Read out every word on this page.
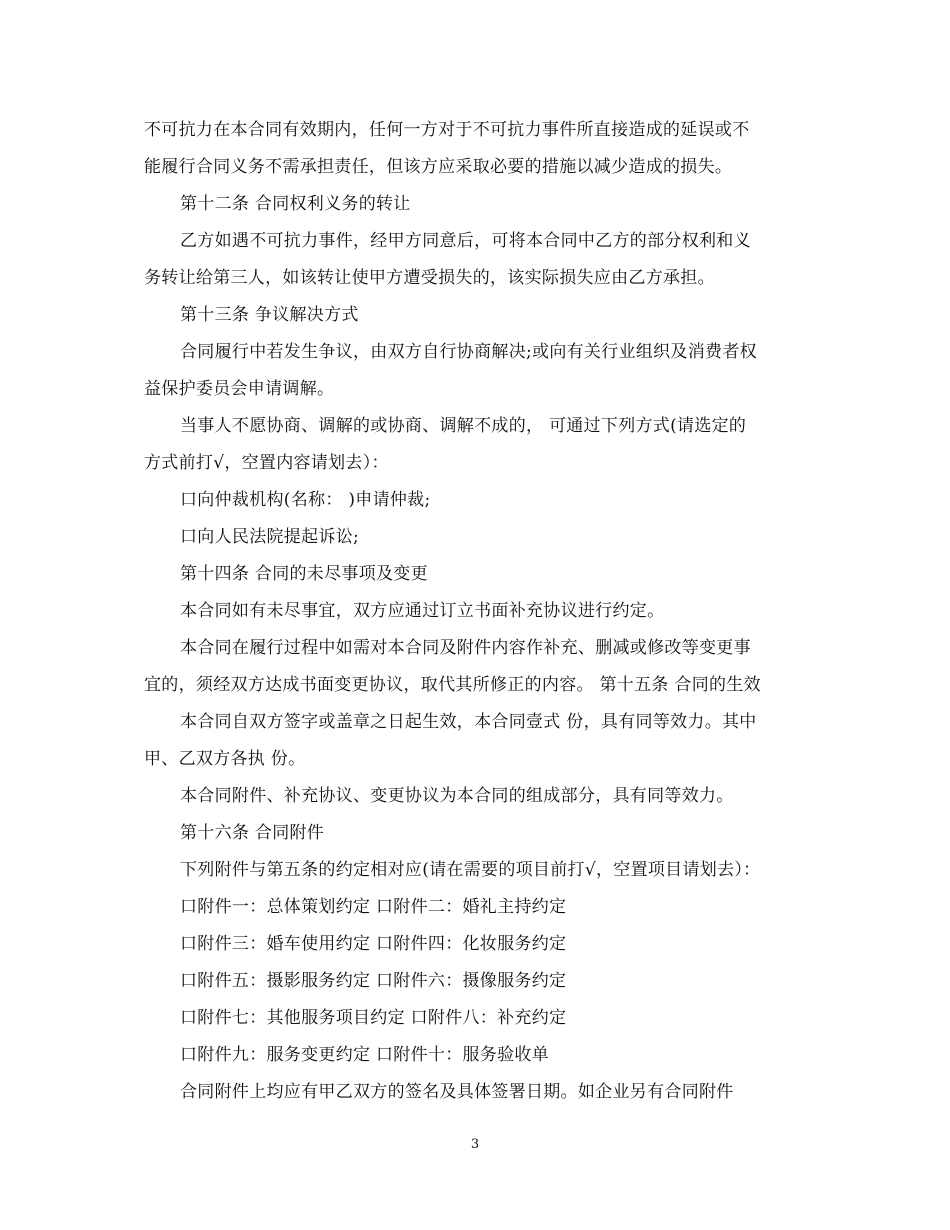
不可抗力在本合同有效期内，任何一方对于不可抗力事件所直接造成的延误或不
能履行合同义务不需承担责任，但该方应采取必要的措施以减少造成的损失。
第十二条 合同权利义务的转让
乙方如遇不可抗力事件，经甲方同意后，可将本合同中乙方的部分权利和义
务转让给第三人，如该转让使甲方遭受损失的，该实际损失应由乙方承担。
第十三条 争议解决方式
合同履行中若发生争议，由双方自行协商解决;或向有关行业组织及消费者权
益保护委员会申请调解。
当事人不愿协商、调解的或协商、调解不成的， 可通过下列方式(请选定的
方式前打√，空置内容请划去）：
口向仲裁机构(名称： )申请仲裁;
口向人民法院提起诉讼;
第十四条 合同的未尽事项及变更
本合同如有未尽事宜，双方应通过订立书面补充协议进行约定。
本合同在履行过程中如需对本合同及附件内容作补充、删减或修改等变更事
宜的，须经双方达成书面变更协议，取代其所修正的内容。 第十五条 合同的生效
本合同自双方签字或盖章之日起生效，本合同壹式 份，具有同等效力。其中
甲、乙双方各执 份。
本合同附件、补充协议、变更协议为本合同的组成部分，具有同等效力。
第十六条 合同附件
下列附件与第五条的约定相对应(请在需要的项目前打√，空置项目请划去）：
口附件一：总体策划约定 口附件二：婚礼主持约定
口附件三：婚车使用约定 口附件四：化妆服务约定
口附件五：摄影服务约定 口附件六：摄像服务约定
口附件七：其他服务项目约定 口附件八：补充约定
口附件九：服务变更约定 口附件十：服务验收单
合同附件上均应有甲乙双方的签名及具体签署日期。如企业另有合同附件
3
